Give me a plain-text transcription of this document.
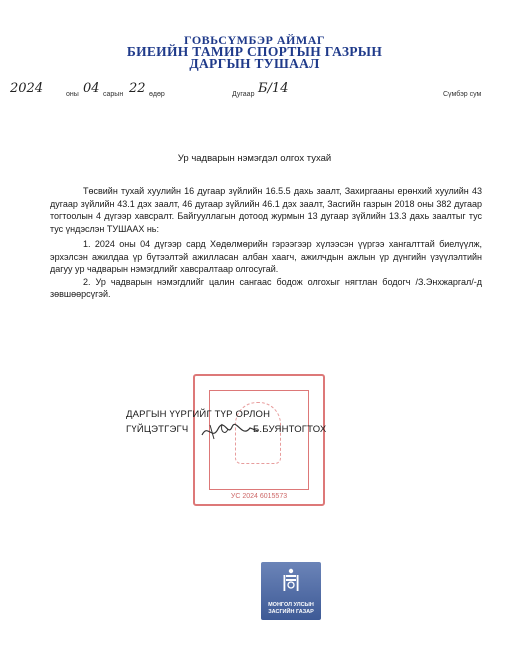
ГОВЬСҮМБЭР АЙМАГ
БИЕИЙН ТАМИР СПОРТЫН ГАЗРЫН
ДАРГЫН ТУШААЛ
2024	оны 04 сарын 22 өдөр	Дугаар Б/14	Сүмбэр сум
Ур чадварын нэмэгдэл олгох тухай

Төсвийн тухай хуулийн 16 дугаар зүйлийн 16.5.5 дахь заалт, Захиргааны ерөнхий хуулийн 43 дугаар зүйлийн 43.1 дэх заалт, 46 дугаар зүйлийн 46.1 дэх заалт, Засгийн газрын 2018 оны 382 дугаар тогтоолын 4 дүгээр хавсралт. Байгууллагын дотоод журмын 13 дугаар зүйлийн 13.3 дахь заалтыг тус тус үндэслэн ТУШААХ нь:

1. 2024 оны 04 дүгээр сард Хөдөлмөрийн гэрээгээр хүлээсэн үүргээ хангалттай биелүүлж, эрхэлсэн ажилдаа үр бүтээлтэй ажилласан албан хаагч, ажилчдын ажлын үр дүнгийн үзүүлэлтийн дагуу ур чадварын нэмэгдлийг хавсралтаар олгосугай.

2. Ур чадварын нэмэгдлийг цалин сангаас бодож олгохыг нягтлан бодогч /З.Энхжаргал/-д зөвшөөрсүгэй.

УС 2024 6015573
ДАРГЫН ҮҮРГИЙГ ТҮР ОРЛОН
ГҮЙЦЭТГЭГЧ	Б.БУЯНТОГТОХ
МОНГОЛ УЛСЫН
ЗАСГИЙН ГАЗАР
